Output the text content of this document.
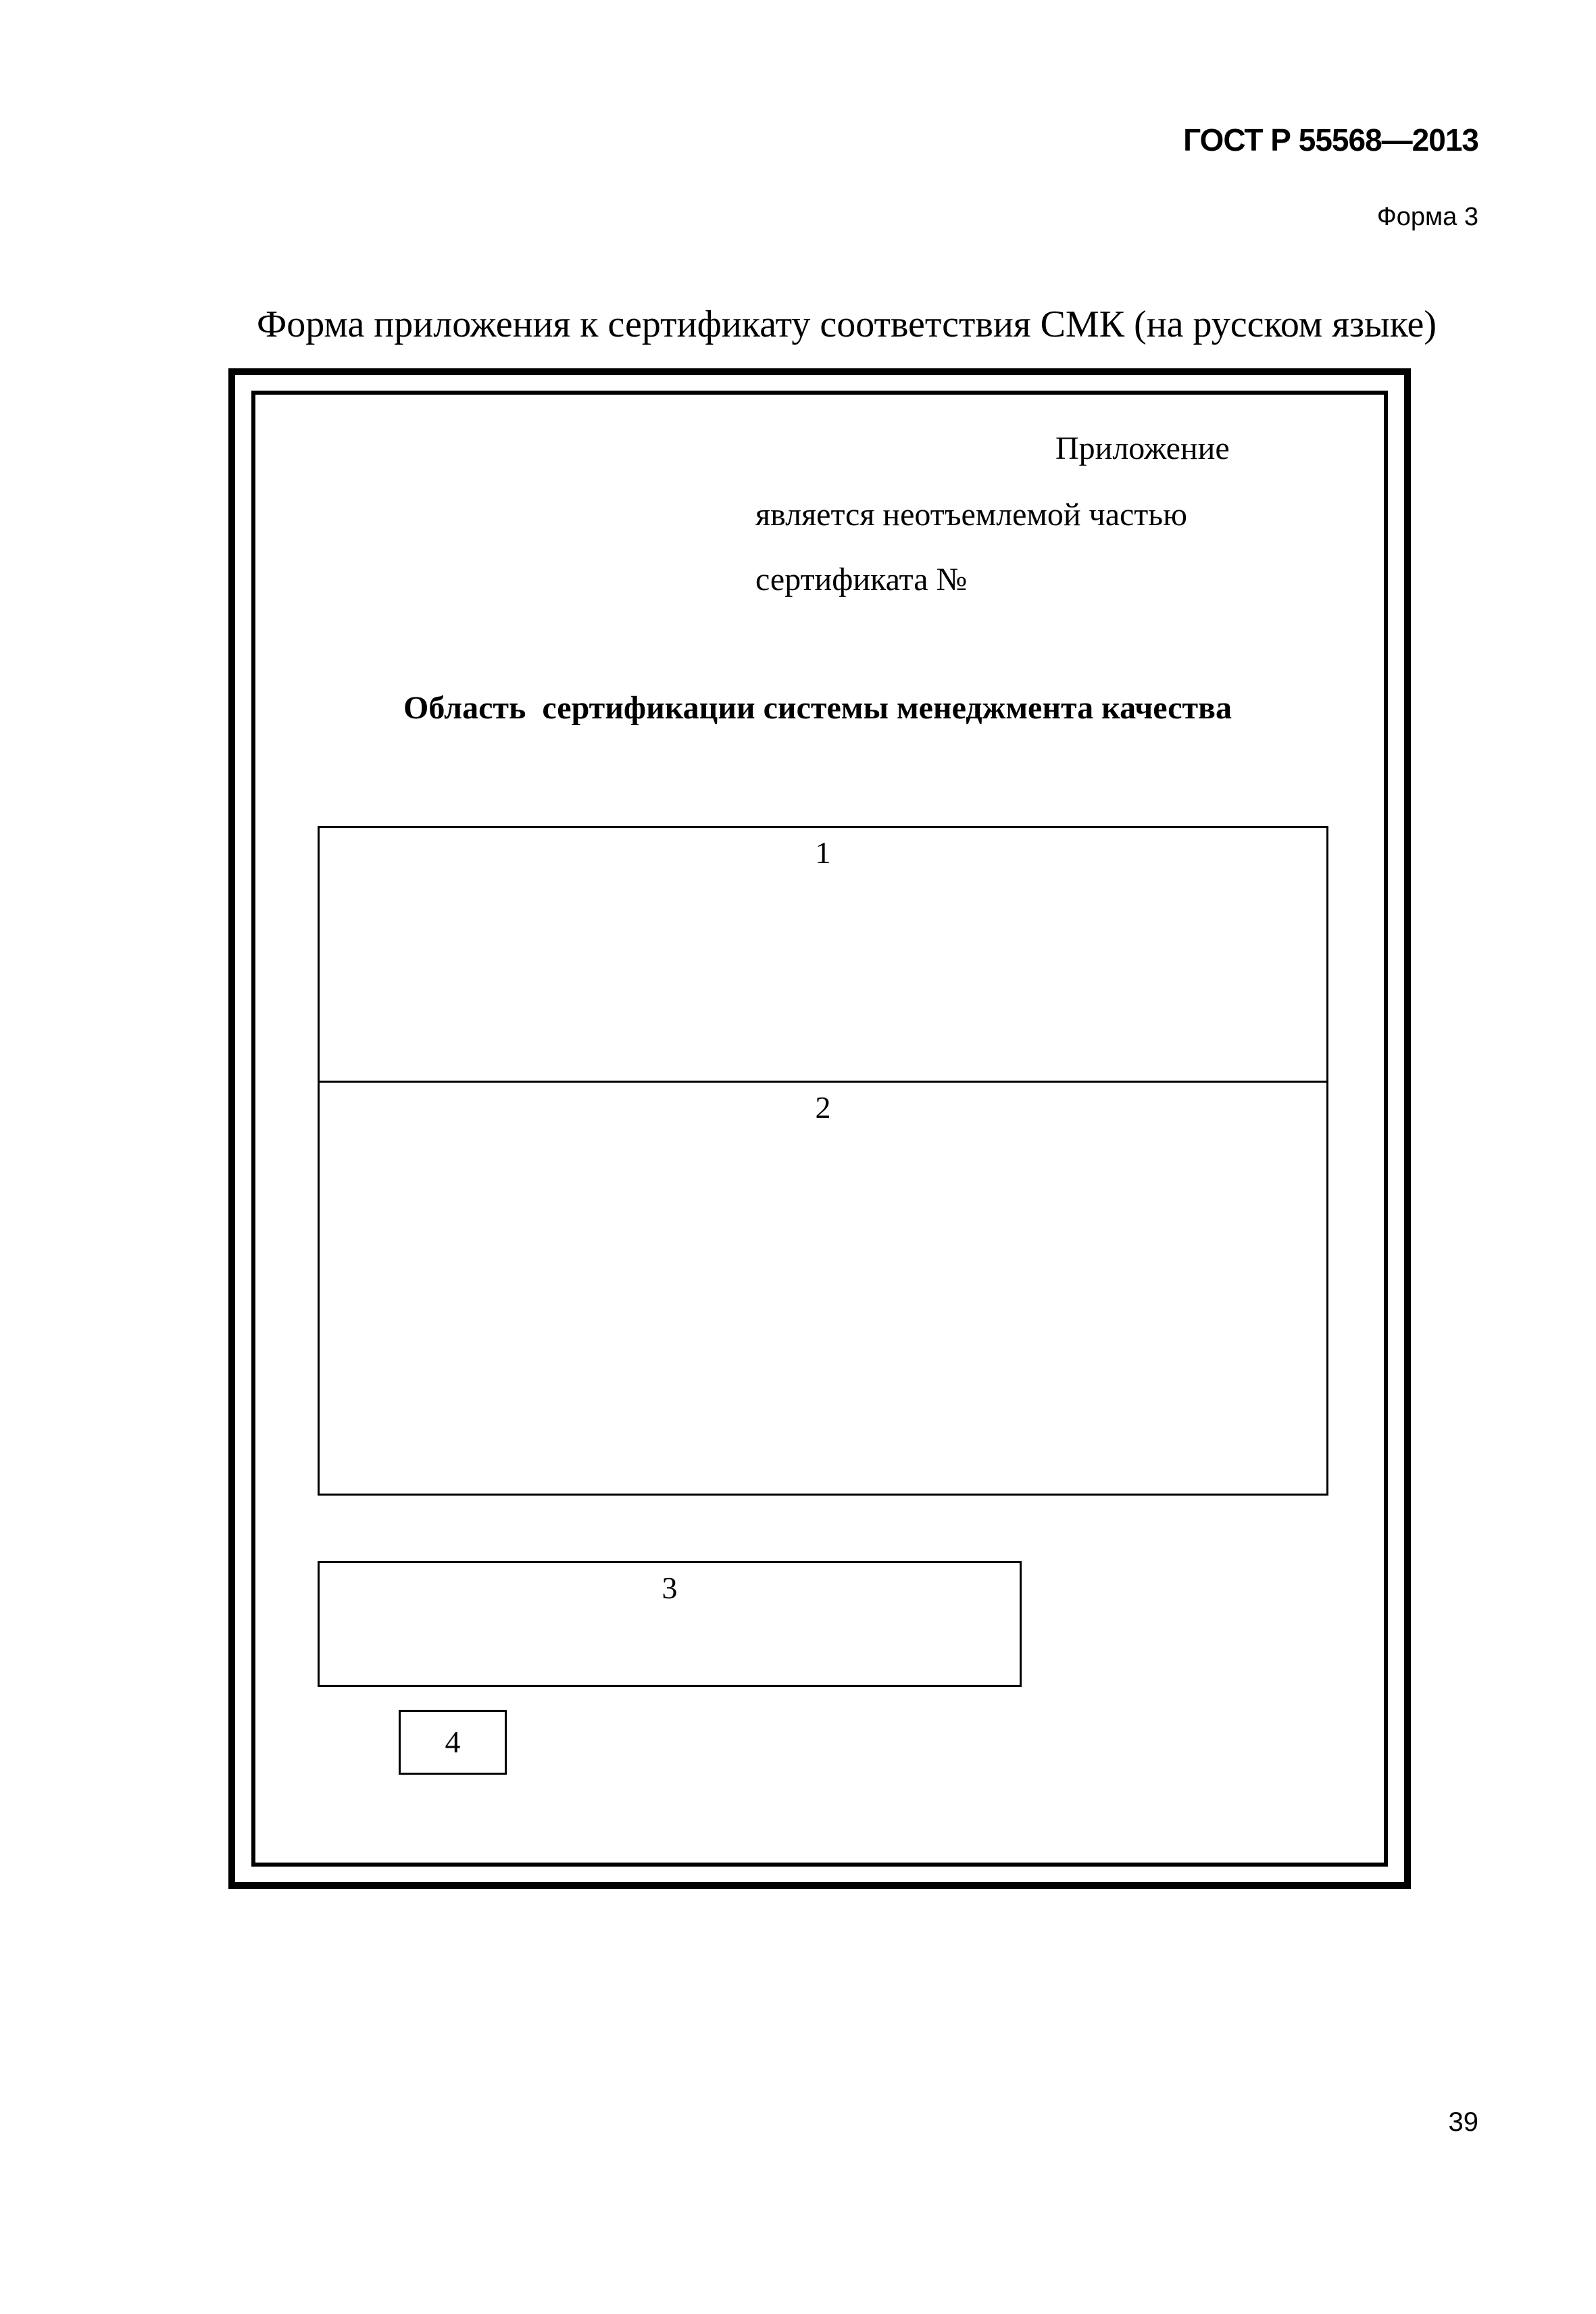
ГОСТ Р 55568—2013
Форма 3
Форма приложения к сертификату соответствия СМК (на русском языке)
Приложение
является неотъемлемой частью
сертификата №
Область  сертификации системы менеджмента качества
1
2
3
4
39
